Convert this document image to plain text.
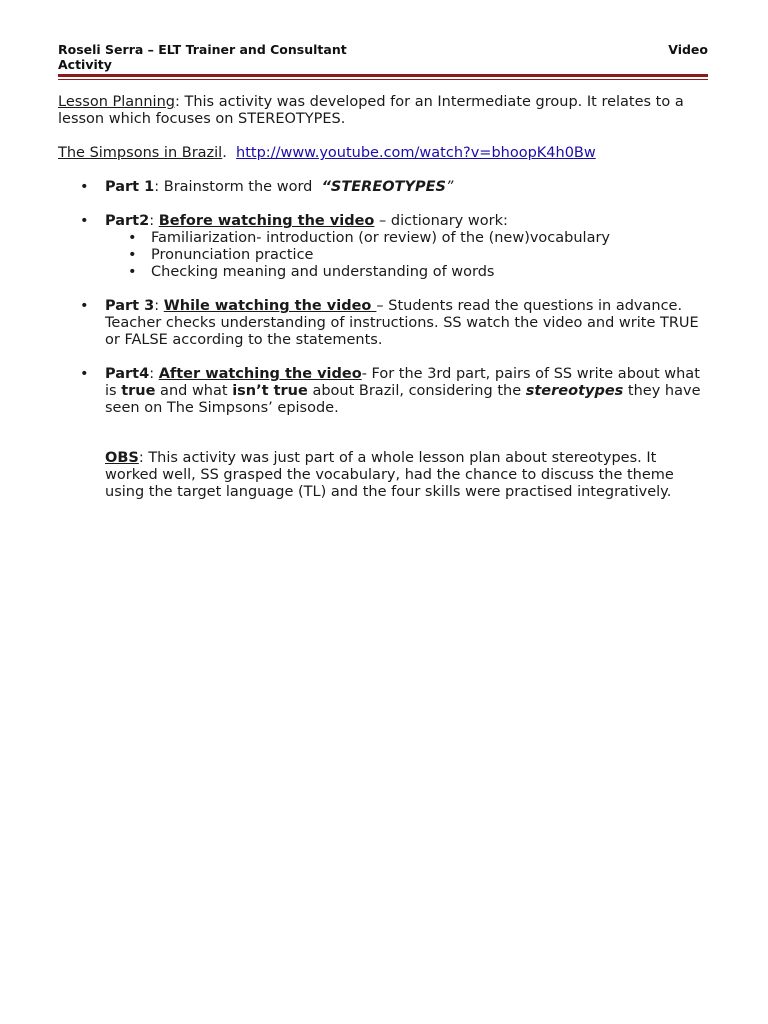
Roseli Serra – ELT Trainer and Consultant	Video
Activity

Lesson Planning: This activity was developed for an Intermediate group. It relates to a lesson which focuses on STEREOTYPES.

The Simpsons in Brazil.  http://www.youtube.com/watch?v=bhoopK4h0Bw

• Part 1: Brainstorm the word  “STEREOTYPES”
• Part2: Before watching the video – dictionary work:
• Familiarization- introduction (or review) of the (new)vocabulary
• Pronunciation practice
• Checking meaning and understanding of words
• Part 3: While watching the video – Students read the questions in advance. Teacher checks understanding of instructions. SS watch the video and write TRUE or FALSE according to the statements.
• Part4: After watching the video- For the 3rd part, pairs of SS write about what is true and what isn’t true about Brazil, considering the stereotypes they have seen on The Simpsons’ episode.

OBS: This activity was just part of a whole lesson plan about stereotypes. It worked well, SS grasped the vocabulary, had the chance to discuss the theme using the target language (TL) and the four skills were practised integratively.
